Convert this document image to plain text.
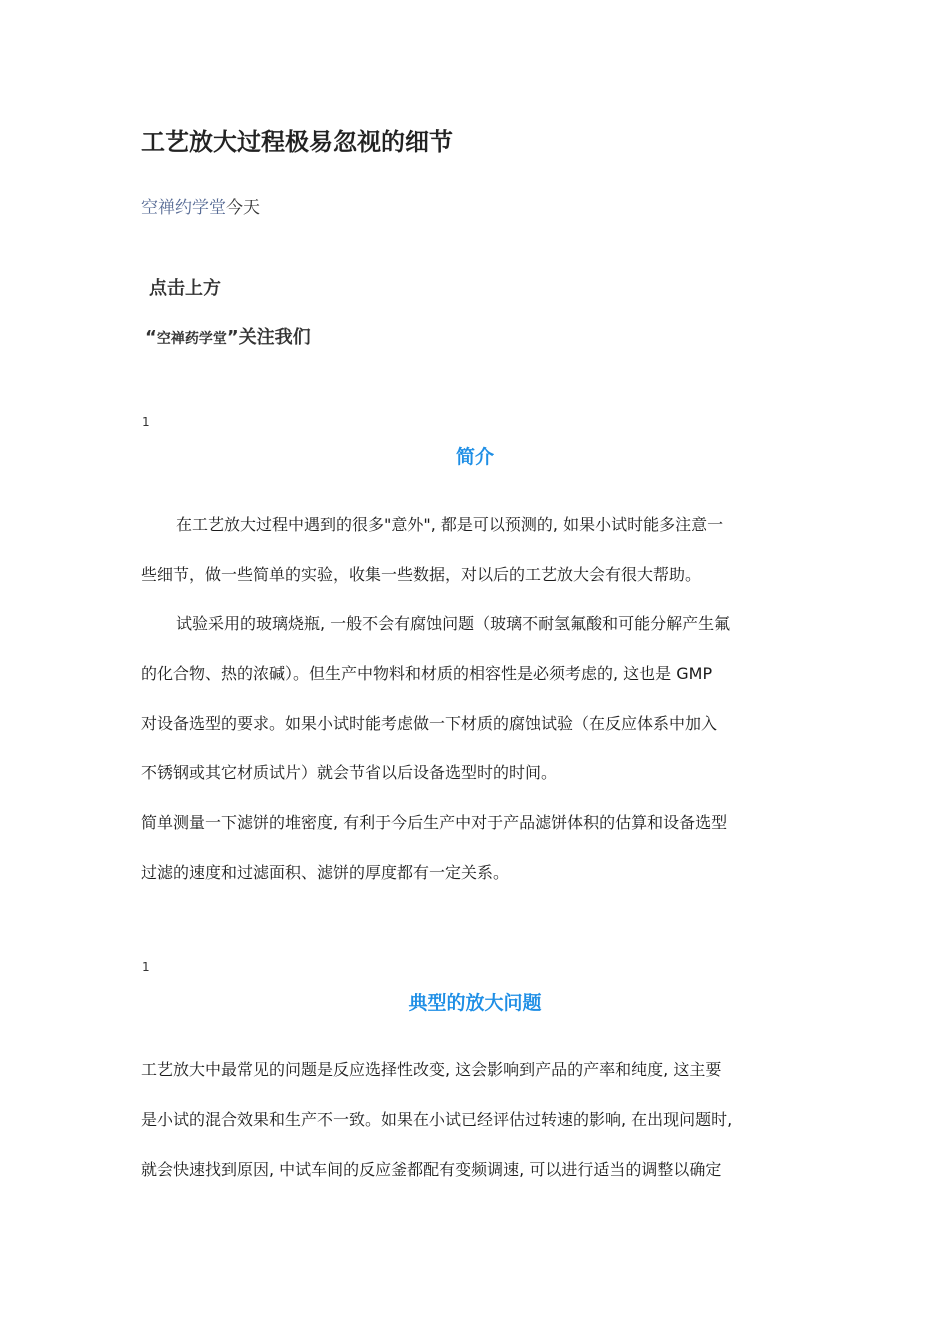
工艺放大过程极易忽视的细节
空禅约学堂今天
点击上方
“空禅药学堂”关注我们
1
简介
在工艺放大过程中遇到的很多"意外", 都是可以预测的, 如果小试时能多注意一
些细节，做一些简单的实验，收集一些数据，对以后的工艺放大会有很大帮助。
试验采用的玻璃烧瓶, 一般不会有腐蚀问题（玻璃不耐氢氟酸和可能分解产生氟
的化合物、热的浓碱）。但生产中物料和材质的相容性是必须考虑的, 这也是 GMP
对设备选型的要求。如果小试时能考虑做一下材质的腐蚀试验（在反应体系中加入
不锈钢或其它材质试片）就会节省以后设备选型时的时间。
简单测量一下滤饼的堆密度, 有利于今后生产中对于产品滤饼体积的估算和设备选型
过滤的速度和过滤面积、滤饼的厚度都有一定关系。
1
典型的放大问题
工艺放大中最常见的问题是反应选择性改变, 这会影响到产品的产率和纯度, 这主要
是小试的混合效果和生产不一致。如果在小试已经评估过转速的影响, 在出现问题时,
就会快速找到原因, 中试车间的反应釜都配有变频调速, 可以进行适当的调整以确定
